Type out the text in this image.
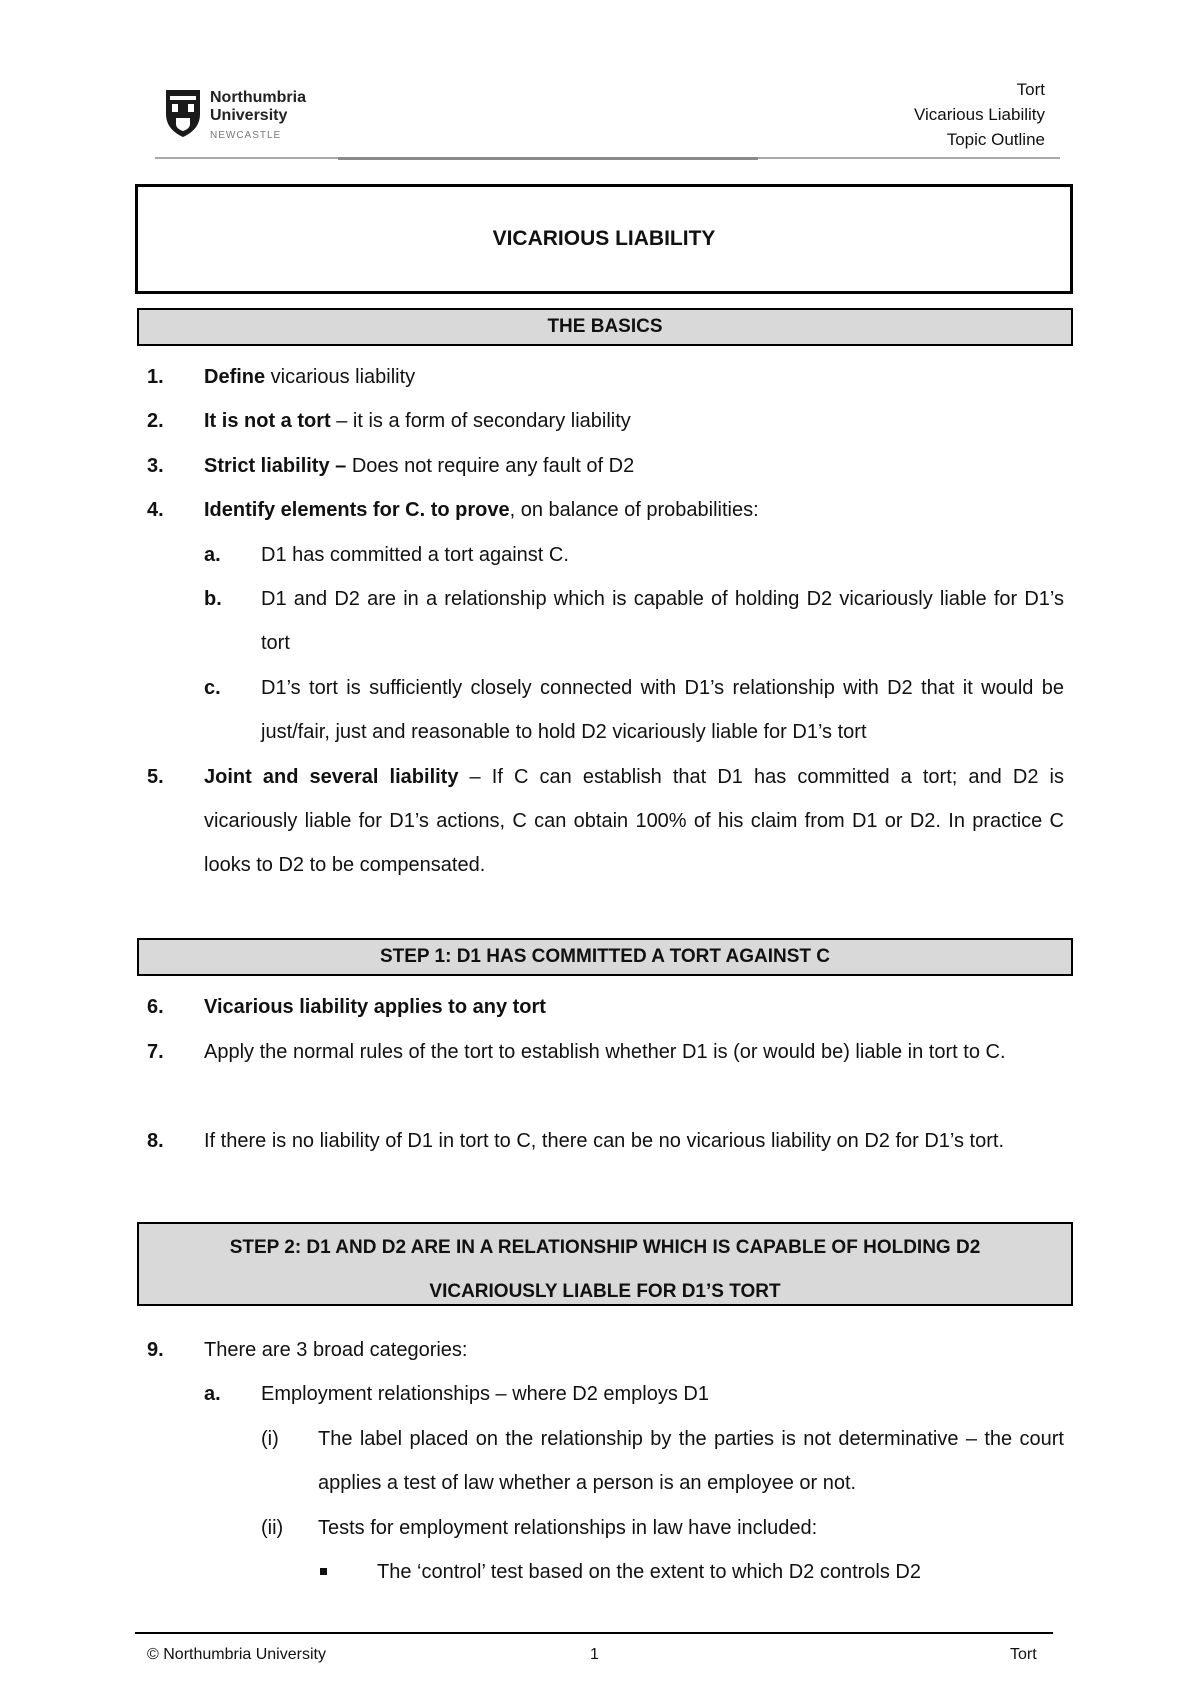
Northumbria
University
NEWCASTLE
Tort
Vicarious Liability
Topic Outline
VICARIOUS LIABILITY
THE BASICS
1. Define vicarious liability
2. It is not a tort – it is a form of secondary liability
3. Strict liability – Does not require any fault of D2
4. Identify elements for C. to prove, on balance of probabilities:
a. D1 has committed a tort against C.
b. D1 and D2 are in a relationship which is capable of holding D2 vicariously liable for D1’s tort
c. D1’s tort is sufficiently closely connected with D1’s relationship with D2 that it would be just/fair, just and reasonable to hold D2 vicariously liable for D1’s tort
5. Joint and several liability – If C can establish that D1 has committed a tort; and D2 is vicariously liable for D1’s actions, C can obtain 100% of his claim from D1 or D2. In practice C looks to D2 to be compensated.
STEP 1: D1 HAS COMMITTED A TORT AGAINST C
6. Vicarious liability applies to any tort
7. Apply the normal rules of the tort to establish whether D1 is (or would be) liable in tort to C.
8. If there is no liability of D1 in tort to C, there can be no vicarious liability on D2 for D1’s tort.
STEP 2: D1 AND D2 ARE IN A RELATIONSHIP WHICH IS CAPABLE OF HOLDING D2
VICARIOUSLY LIABLE FOR D1’S TORT
9. There are 3 broad categories:
a. Employment relationships – where D2 employs D1
(i) The label placed on the relationship by the parties is not determinative – the court applies a test of law whether a person is an employee or not.
(ii) Tests for employment relationships in law have included:
The ‘control’ test based on the extent to which D2 controls D2
© Northumbria University	1	Tort
